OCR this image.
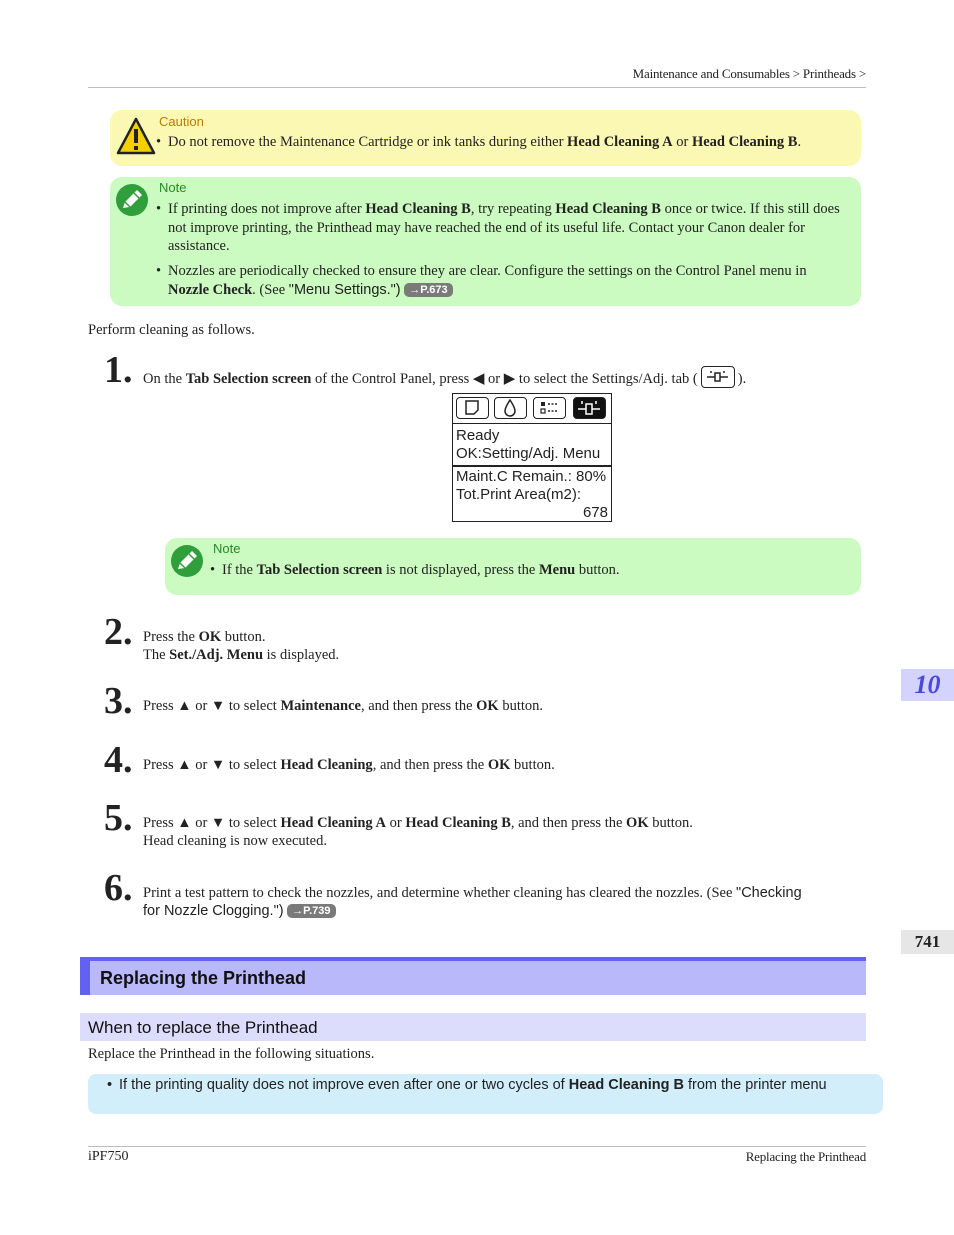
Maintenance and Consumables > Printheads >
Caution
• Do not remove the Maintenance Cartridge or ink tanks during either Head Cleaning A or Head Cleaning B.
Note
• If printing does not improve after Head Cleaning B, try repeating Head Cleaning B once or twice. If this still does not improve printing, the Printhead may have reached the end of its useful life. Contact your Canon dealer for assistance.
• Nozzles are periodically checked to ensure they are clear. Configure the settings on the Control Panel menu in Nozzle Check. (See "Menu Settings.") →P.673
Perform cleaning as follows.
1. On the Tab Selection screen of the Control Panel, press ◀ or ▶ to select the Settings/Adj. tab (	).
Ready
OK:Setting/Adj. Menu
Maint.C Remain.: 80%
Tot.Print Area(m2):
678
Note
• If the Tab Selection screen is not displayed, press the Menu button.
2. Press the OK button.
The Set./Adj. Menu is displayed.
3. Press ▲ or ▼ to select Maintenance, and then press the OK button.
4. Press ▲ or ▼ to select Head Cleaning, and then press the OK button.
5. Press ▲ or ▼ to select Head Cleaning A or Head Cleaning B, and then press the OK button.
Head cleaning is now executed.
6. Print a test pattern to check the nozzles, and determine whether cleaning has cleared the nozzles. (See "Checking
for Nozzle Clogging.") →P.739
Replacing the Printhead
When to replace the Printhead
Replace the Printhead in the following situations.
• If the printing quality does not improve even after one or two cycles of Head Cleaning B from the printer menu
10
741
iPF750	Replacing the Printhead
